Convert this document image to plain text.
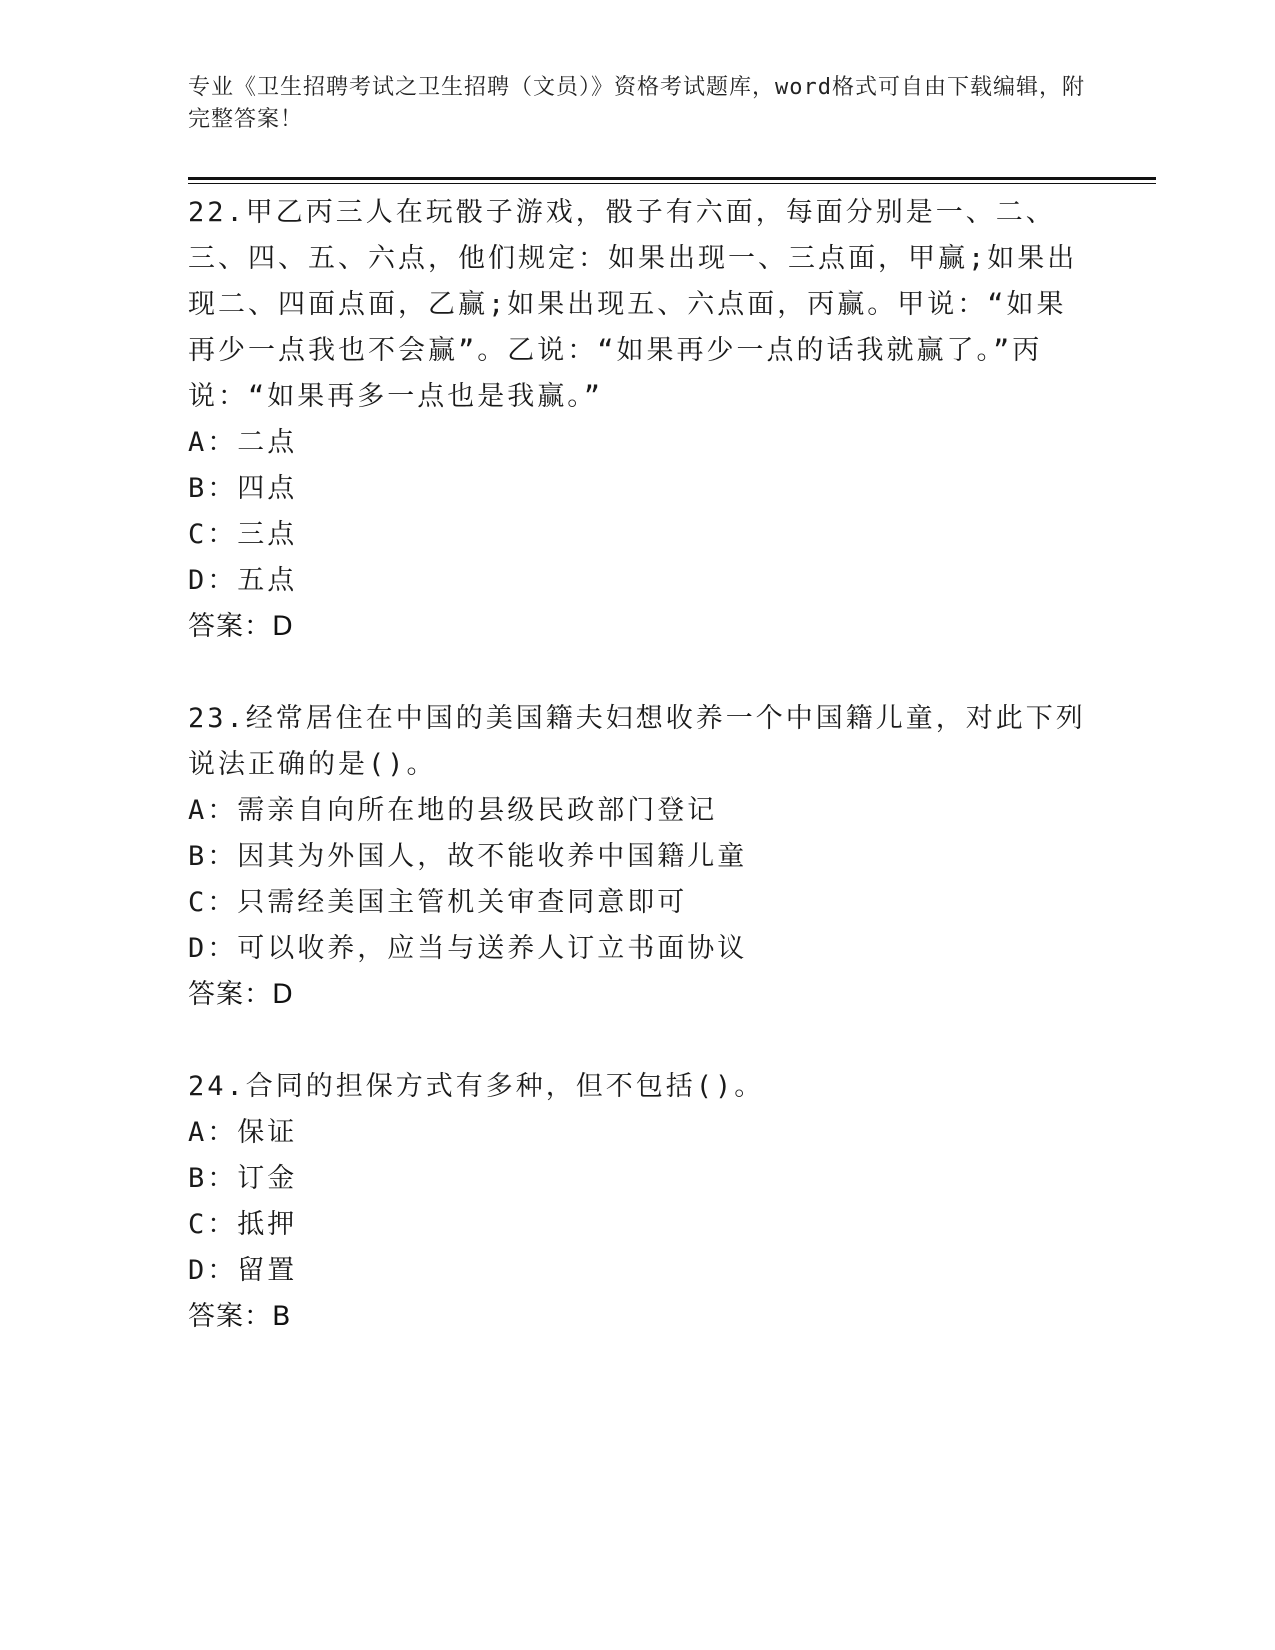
专业《卫生招聘考试之卫生招聘（文员）》资格考试题库，word格式可自由下载编辑，附完整答案！

22.甲乙丙三人在玩骰子游戏，骰子有六面，每面分别是一、二、三、四、五、六点，他们规定：如果出现一、三点面，甲赢;如果出现二、四面点面，乙赢;如果出现五、六点面，丙赢。甲说：“如果再少一点我也不会赢”。乙说：“如果再少一点的话我就赢了。”丙说：“如果再多一点也是我赢。”

A：二点

B：四点

C：三点

D：五点

答案：D

23.经常居住在中国的美国籍夫妇想收养一个中国籍儿童，对此下列说法正确的是()。

A：需亲自向所在地的县级民政部门登记

B：因其为外国人，故不能收养中国籍儿童

C：只需经美国主管机关审查同意即可

D：可以收养，应当与送养人订立书面协议

答案：D

24.合同的担保方式有多种，但不包括()。

A：保证

B：订金

C：抵押

D：留置

答案：B
